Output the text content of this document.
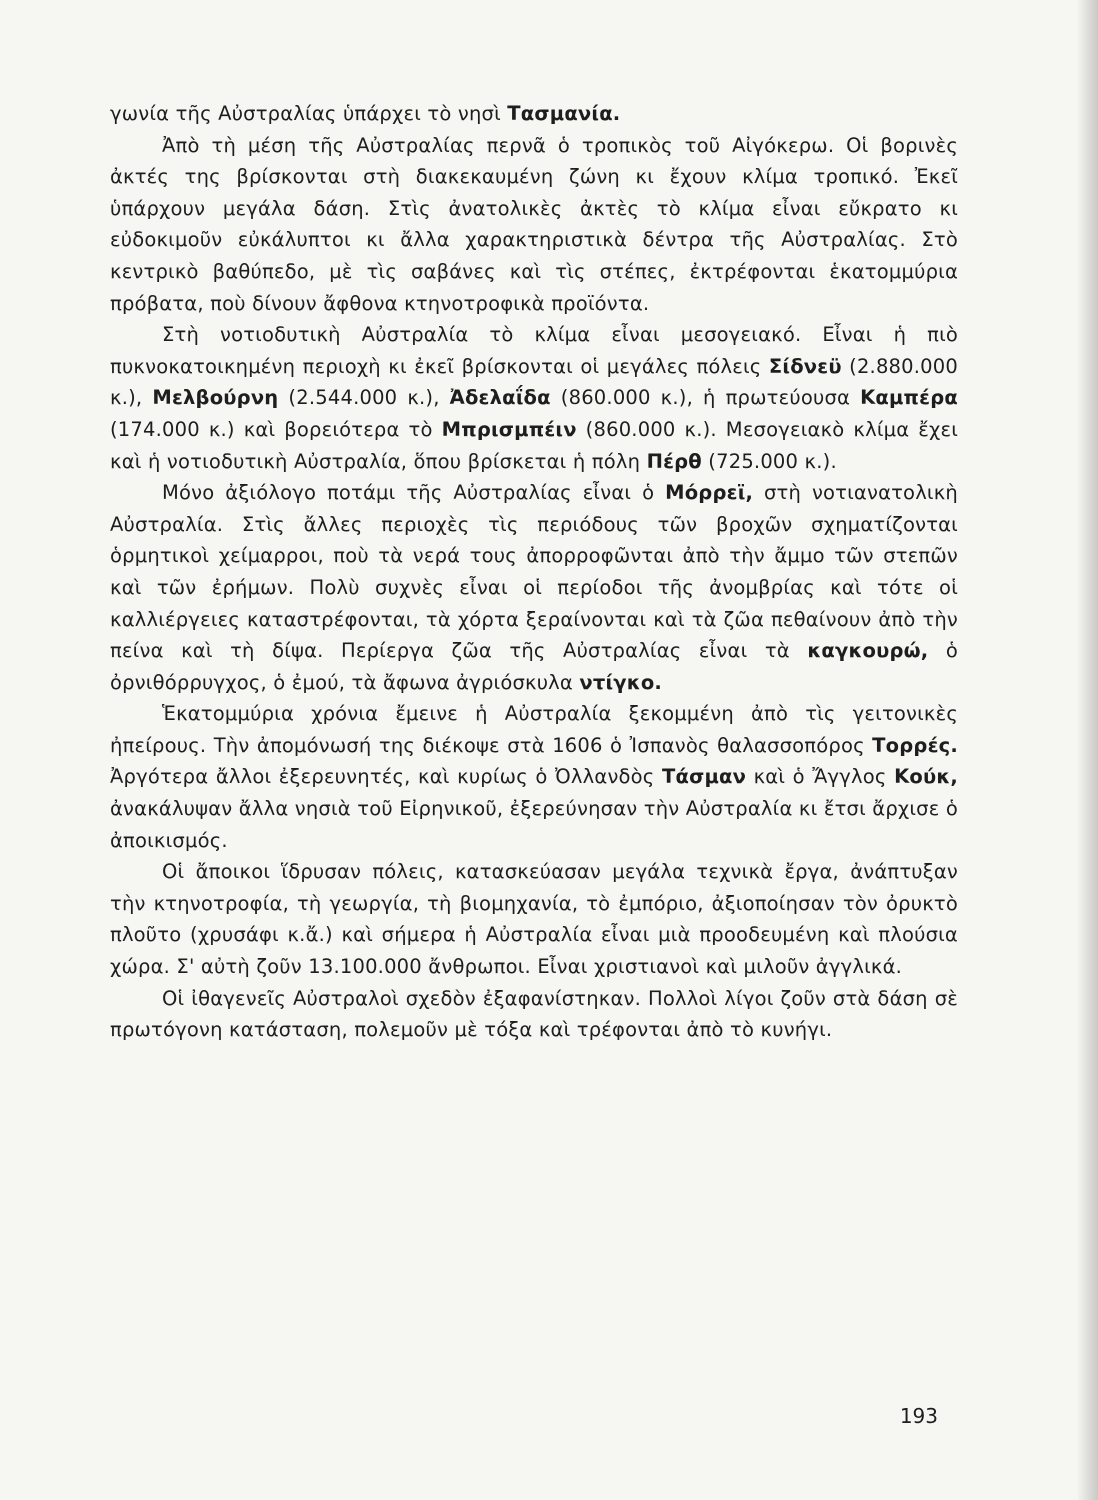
γωνία τῆς Αὐστραλίας ὑπάρχει τὸ νησὶ Τασμανία.

Ἀπὸ τὴ μέση τῆς Αὐστραλίας περνᾶ ὁ τροπικὸς τοῦ Αἰγόκερω. Οἱ βορινὲς ἀκτές της βρίσκονται στὴ διακεκαυμένη ζώνη κι ἔχουν κλίμα τροπικό. Ἐκεῖ ὑπάρχουν μεγάλα δάση. Στὶς ἀνατολικὲς ἀκτὲς τὸ κλίμα εἶναι εὔκρατο κι εὐδοκιμοῦν εὐκάλυπτοι κι ἄλλα χαρακτηριστικὰ δέντρα τῆς Αὐστραλίας. Στὸ κεντρικὸ βαθύπεδο, μὲ τὶς σαβάνες καὶ τὶς στέπες, ἐκτρέφονται ἑκατομμύρια πρόβατα, ποὺ δίνουν ἄφθονα κτηνοτροφικὰ προϊόντα.

Στὴ νοτιοδυτικὴ Αὐστραλία τὸ κλίμα εἶναι μεσογειακό. Εἶναι ἡ πιὸ πυκνοκατοικημένη περιοχὴ κι ἐκεῖ βρίσκονται οἱ μεγάλες πόλεις Σίδνεϋ (2.880.000 κ.), Μελβούρνη (2.544.000 κ.), Ἀδελαΐδα (860.000 κ.), ἡ πρωτεύουσα Καμπέρα (174.000 κ.) καὶ βορειότερα τὸ Μπρισμπέιν (860.000 κ.). Μεσογειακὸ κλίμα ἔχει καὶ ἡ νοτιοδυτικὴ Αὐστραλία, ὅπου βρίσκεται ἡ πόλη Πέρθ (725.000 κ.).

Μόνο ἀξιόλογο ποτάμι τῆς Αὐστραλίας εἶναι ὁ Μόρρεϊ, στὴ νοτιανατολικὴ Αὐστραλία. Στὶς ἄλλες περιοχὲς τὶς περιόδους τῶν βροχῶν σχηματίζονται ὁρμητικοὶ χείμαρροι, ποὺ τὰ νερά τους ἀπορροφῶνται ἀπὸ τὴν ἄμμο τῶν στεπῶν καὶ τῶν ἐρήμων. Πολὺ συχνὲς εἶναι οἱ περίοδοι τῆς ἀνομβρίας καὶ τότε οἱ καλλιέργειες καταστρέφονται, τὰ χόρτα ξεραίνονται καὶ τὰ ζῶα πεθαίνουν ἀπὸ τὴν πείνα καὶ τὴ δίψα. Περίεργα ζῶα τῆς Αὐστραλίας εἶναι τὰ καγκουρώ, ὁ ὀρνιθόρρυγχος, ὁ ἐμού, τὰ ἄφωνα ἀγριόσκυλα ντίγκο.

Ἑκατομμύρια χρόνια ἔμεινε ἡ Αὐστραλία ξεκομμένη ἀπὸ τὶς γειτονικὲς ἠπείρους. Τὴν ἀπομόνωσή της διέκοψε στὰ 1606 ὁ Ἰσπανὸς θαλασσοπόρος Τορρές. Ἀργότερα ἄλλοι ἐξερευνητές, καὶ κυρίως ὁ Ὀλλανδὸς Τάσμαν καὶ ὁ Ἄγγλος Κούκ, ἀνακάλυψαν ἄλλα νησιὰ τοῦ Εἰρηνικοῦ, ἐξερεύνησαν τὴν Αὐστραλία κι ἔτσι ἄρχισε ὁ ἀποικισμός.

Οἱ ἄποικοι ἵδρυσαν πόλεις, κατασκεύασαν μεγάλα τεχνικὰ ἔργα, ἀνάπτυξαν τὴν κτηνοτροφία, τὴ γεωργία, τὴ βιομηχανία, τὸ ἐμπόριο, ἀξιοποίησαν τὸν ὀρυκτὸ πλοῦτο (χρυσάφι κ.ἄ.) καὶ σήμερα ἡ Αὐστραλία εἶναι μιὰ προοδευμένη καὶ πλούσια χώρα. Σ' αὐτὴ ζοῦν 13.100.000 ἄνθρωποι. Εἶναι χριστιανοὶ καὶ μιλοῦν ἀγγλικά.

Οἱ ἰθαγενεῖς Αὐστραλοὶ σχεδὸν ἐξαφανίστηκαν. Πολλοὶ λίγοι ζοῦν στὰ δάση σὲ πρωτόγονη κατάσταση, πολεμοῦν μὲ τόξα καὶ τρέφονται ἀπὸ τὸ κυνήγι.

193
